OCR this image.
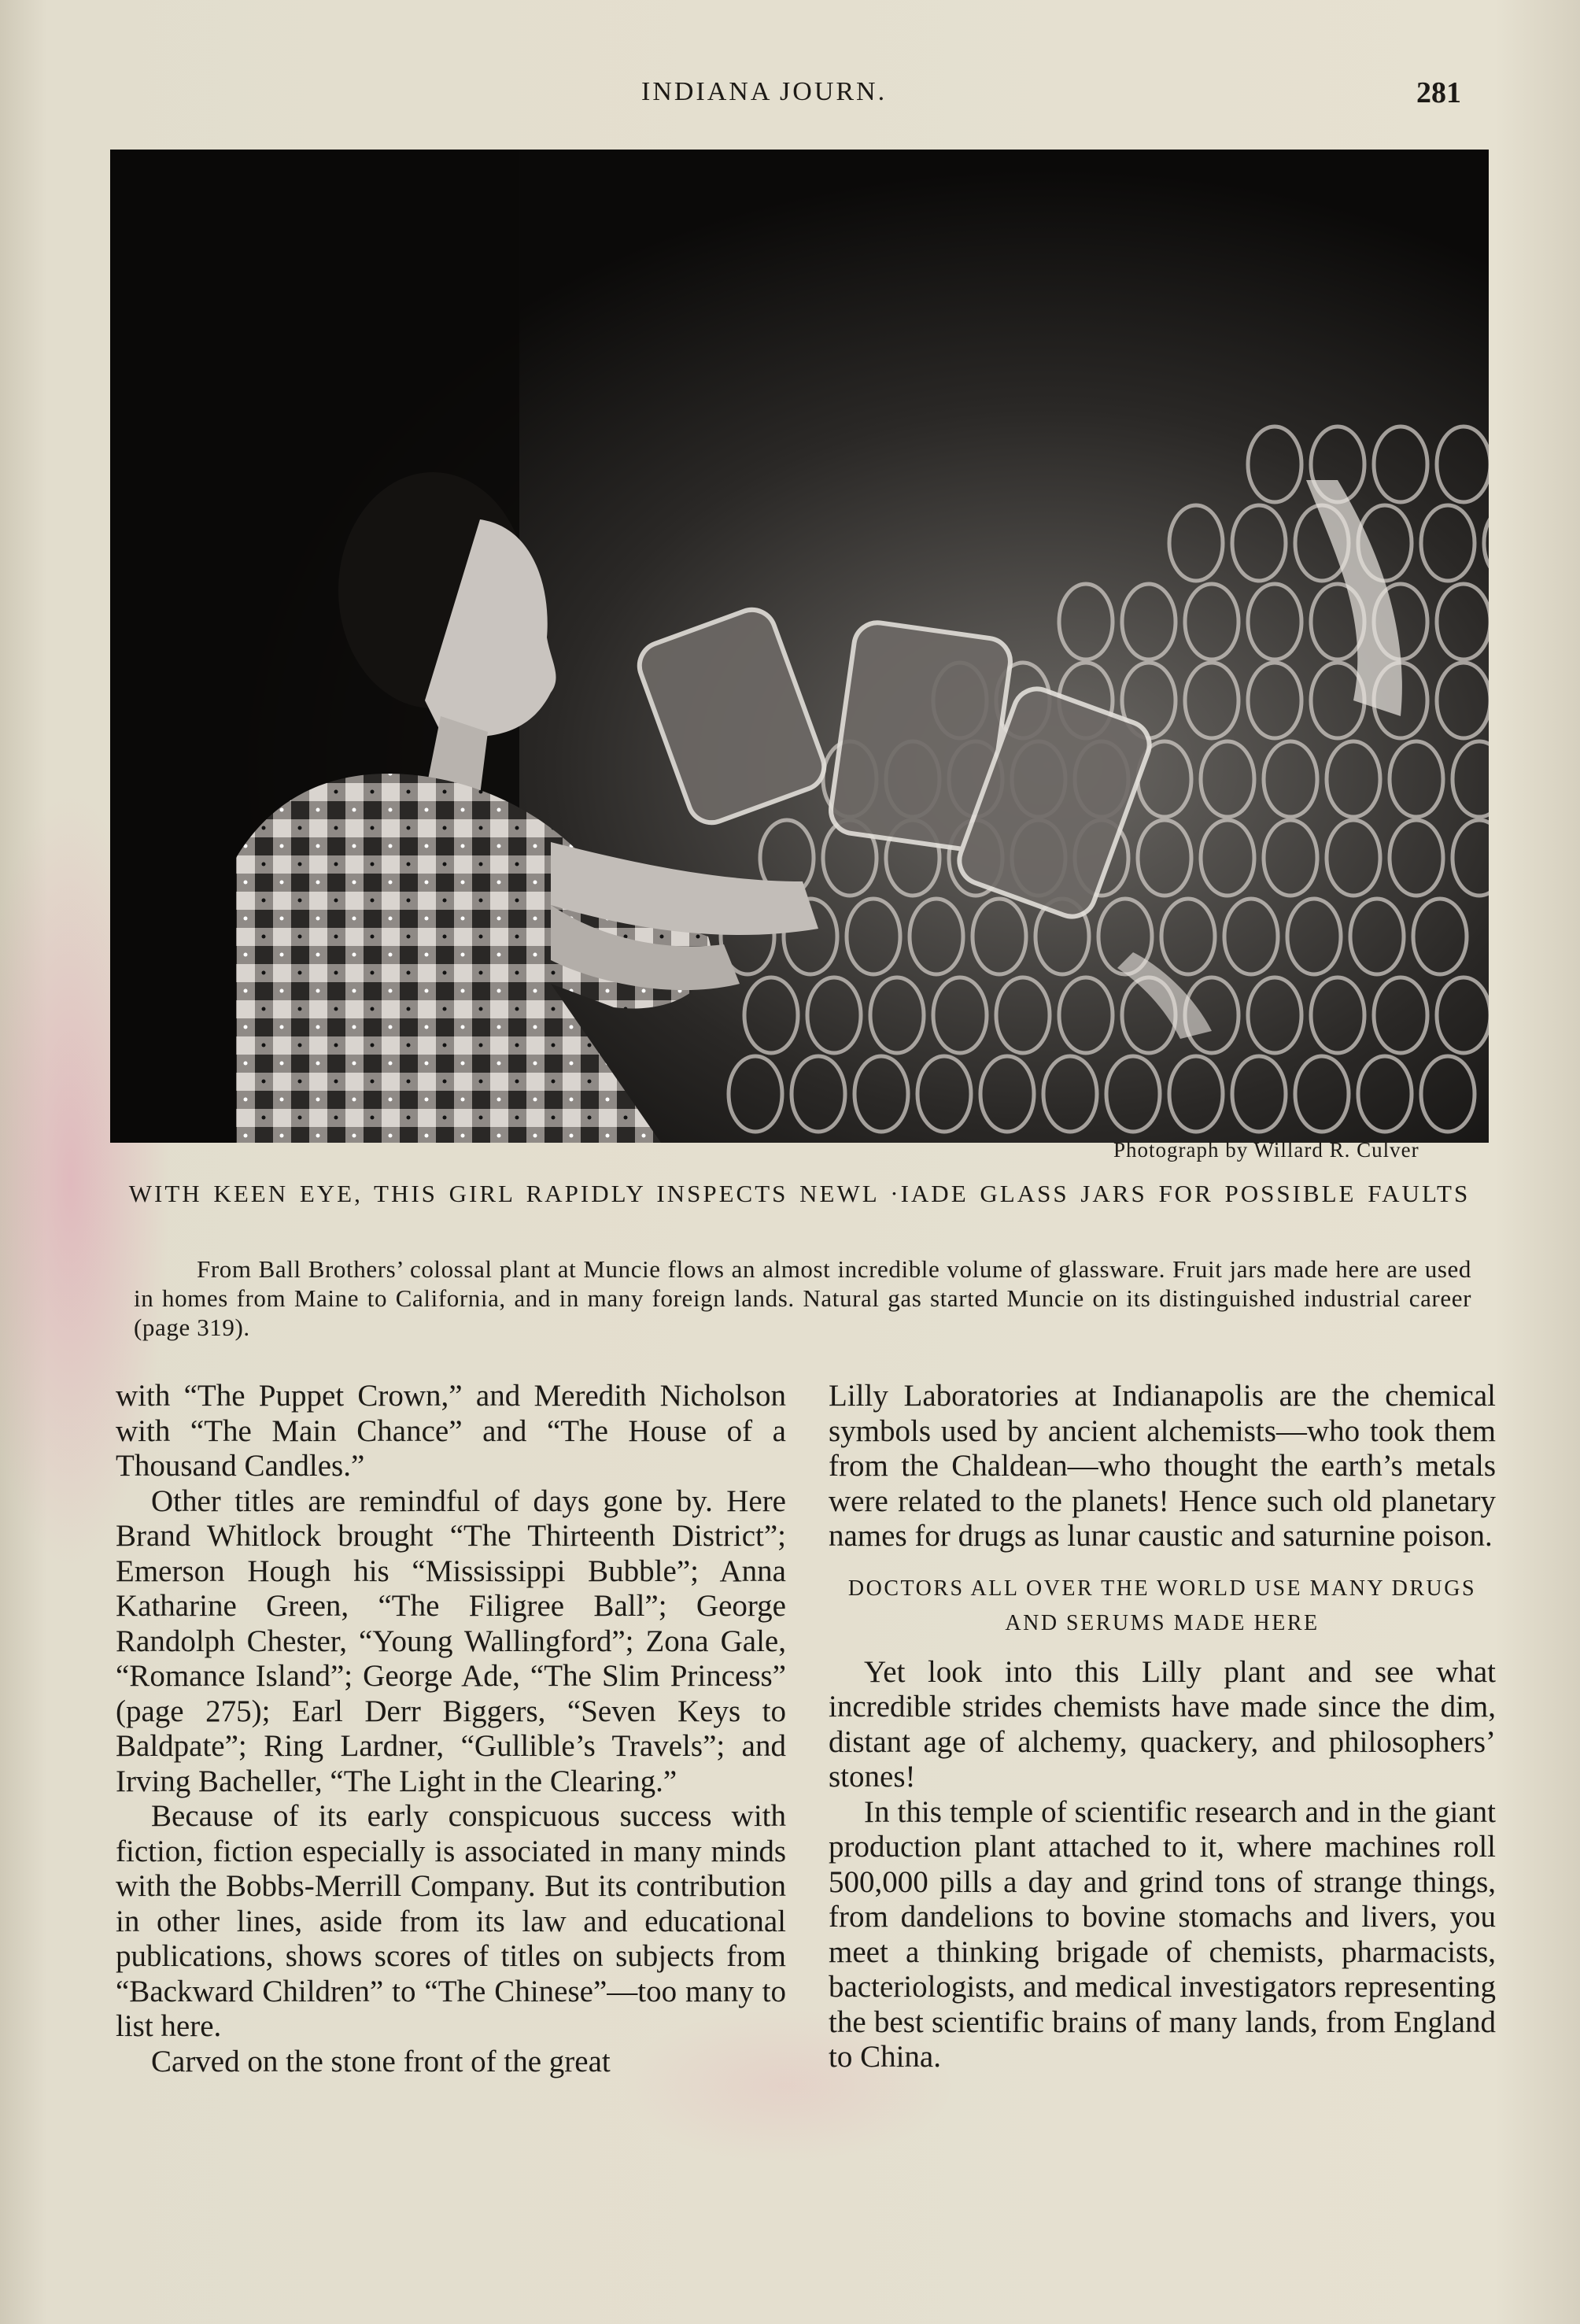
INDIANA JOURN.	281
Photograph by Willard R. Culver
WITH KEEN EYE, THIS GIRL RAPIDLY INSPECTS NEWL ·IADE GLASS JARS FOR POSSIBLE FAULTS
From Ball Brothers’ colossal plant at Muncie flows an almost incredible volume of glassware. Fruit jars made here are used in homes from Maine to California, and in many foreign lands. Natural gas started Muncie on its distinguished industrial career (page 319).

with “The Puppet Crown,” and Meredith Nicholson with “The Main Chance” and “The House of a Thousand Candles.”

Other titles are remindful of days gone by. Here Brand Whitlock brought “The Thirteenth District”; Emerson Hough his “Mississippi Bubble”; Anna Katharine Green, “The Filigree Ball”; George Randolph Chester, “Young Wallingford”; Zona Gale, “Romance Island”; George Ade, “The Slim Princess” (page 275); Earl Derr Biggers, “Seven Keys to Baldpate”; Ring Lardner, “Gullible’s Travels”; and Irving Bacheller, “The Light in the Clearing.”

Because of its early conspicuous success with fiction, fiction especially is associated in many minds with the Bobbs-Merrill Company. But its contribution in other lines, aside from its law and educational publications, shows scores of titles on subjects from “Backward Children” to “The Chinese”—too many to list here.

Carved on the stone front of the great

Lilly Laboratories at Indianapolis are the chemical symbols used by ancient alchemists—who took them from the Chaldean—who thought the earth’s metals were related to the planets! Hence such old planetary names for drugs as lunar caustic and saturnine poison.

DOCTORS ALL OVER THE WORLD USE MANY DRUGS AND SERUMS MADE HERE

Yet look into this Lilly plant and see what incredible strides chemists have made since the dim, distant age of alchemy, quackery, and philosophers’ stones!

In this temple of scientific research and in the giant production plant attached to it, where machines roll 500,000 pills a day and grind tons of strange things, from dandelions to bovine stomachs and livers, you meet a thinking brigade of chemists, pharmacists, bacteriologists, and medical investigators representing the best scientific brains of many lands, from England to China.
